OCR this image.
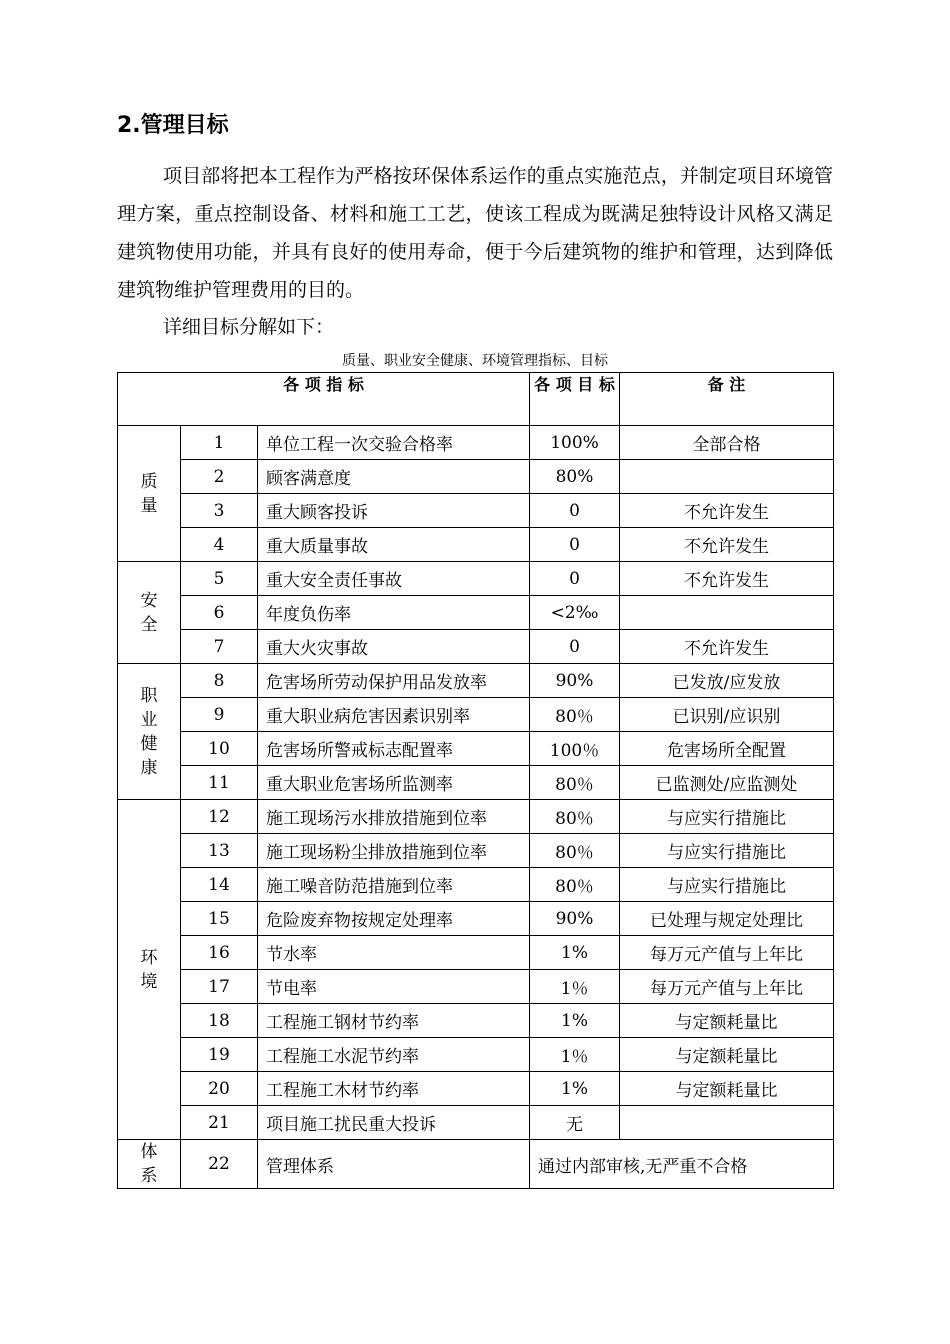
2.管理目标
项目部将把本工程作为严格按环保体系运作的重点实施范点，并制定项目环境管理方案，重点控制设备、材料和施工工艺，使该工程成为既满足独特设计风格又满足建筑物使用功能，并具有良好的使用寿命，便于今后建筑物的维护和管理，达到降低建筑物维护管理费用的目的。
详细目标分解如下：
质量、职业安全健康、环境管理指标、目标
各 项 指 标			各 项 目 标	备 注
质
量	1	单位工程一次交验合格率	100%	全部合格
	2	顾客满意度	80%	
	3	重大顾客投诉	0	不允许发生
	4	重大质量事故	0	不允许发生
安
全	5	重大安全责任事故	0	不允许发生
	6	年度负伤率	<2‰	
	7	重大火灾事故	0	不允许发生
职
业
健
康	8	危害场所劳动保护用品发放率	90%	已发放/应发放
	9	重大职业病危害因素识别率	80％	已识别/应识别
	10	危害场所警戒标志配置率	100％	危害场所全配置
	11	重大职业危害场所监测率	80％	已监测处/应监测处
环
境	12	施工现场污水排放措施到位率	80％	与应实行措施比
	13	施工现场粉尘排放措施到位率	80％	与应实行措施比
	14	施工噪音防范措施到位率	80％	与应实行措施比
	15	危险废弃物按规定处理率	90%	已处理与规定处理比
	16	节水率	1%	每万元产值与上年比
	17	节电率	1％	每万元产值与上年比
	18	工程施工钢材节约率	1%	与定额耗量比
	19	工程施工水泥节约率	1％	与定额耗量比
	20	工程施工木材节约率	1%	与定额耗量比
	21	项目施工扰民重大投诉	无	
体
系	22	管理体系	通过内部审核,无严重不合格	
